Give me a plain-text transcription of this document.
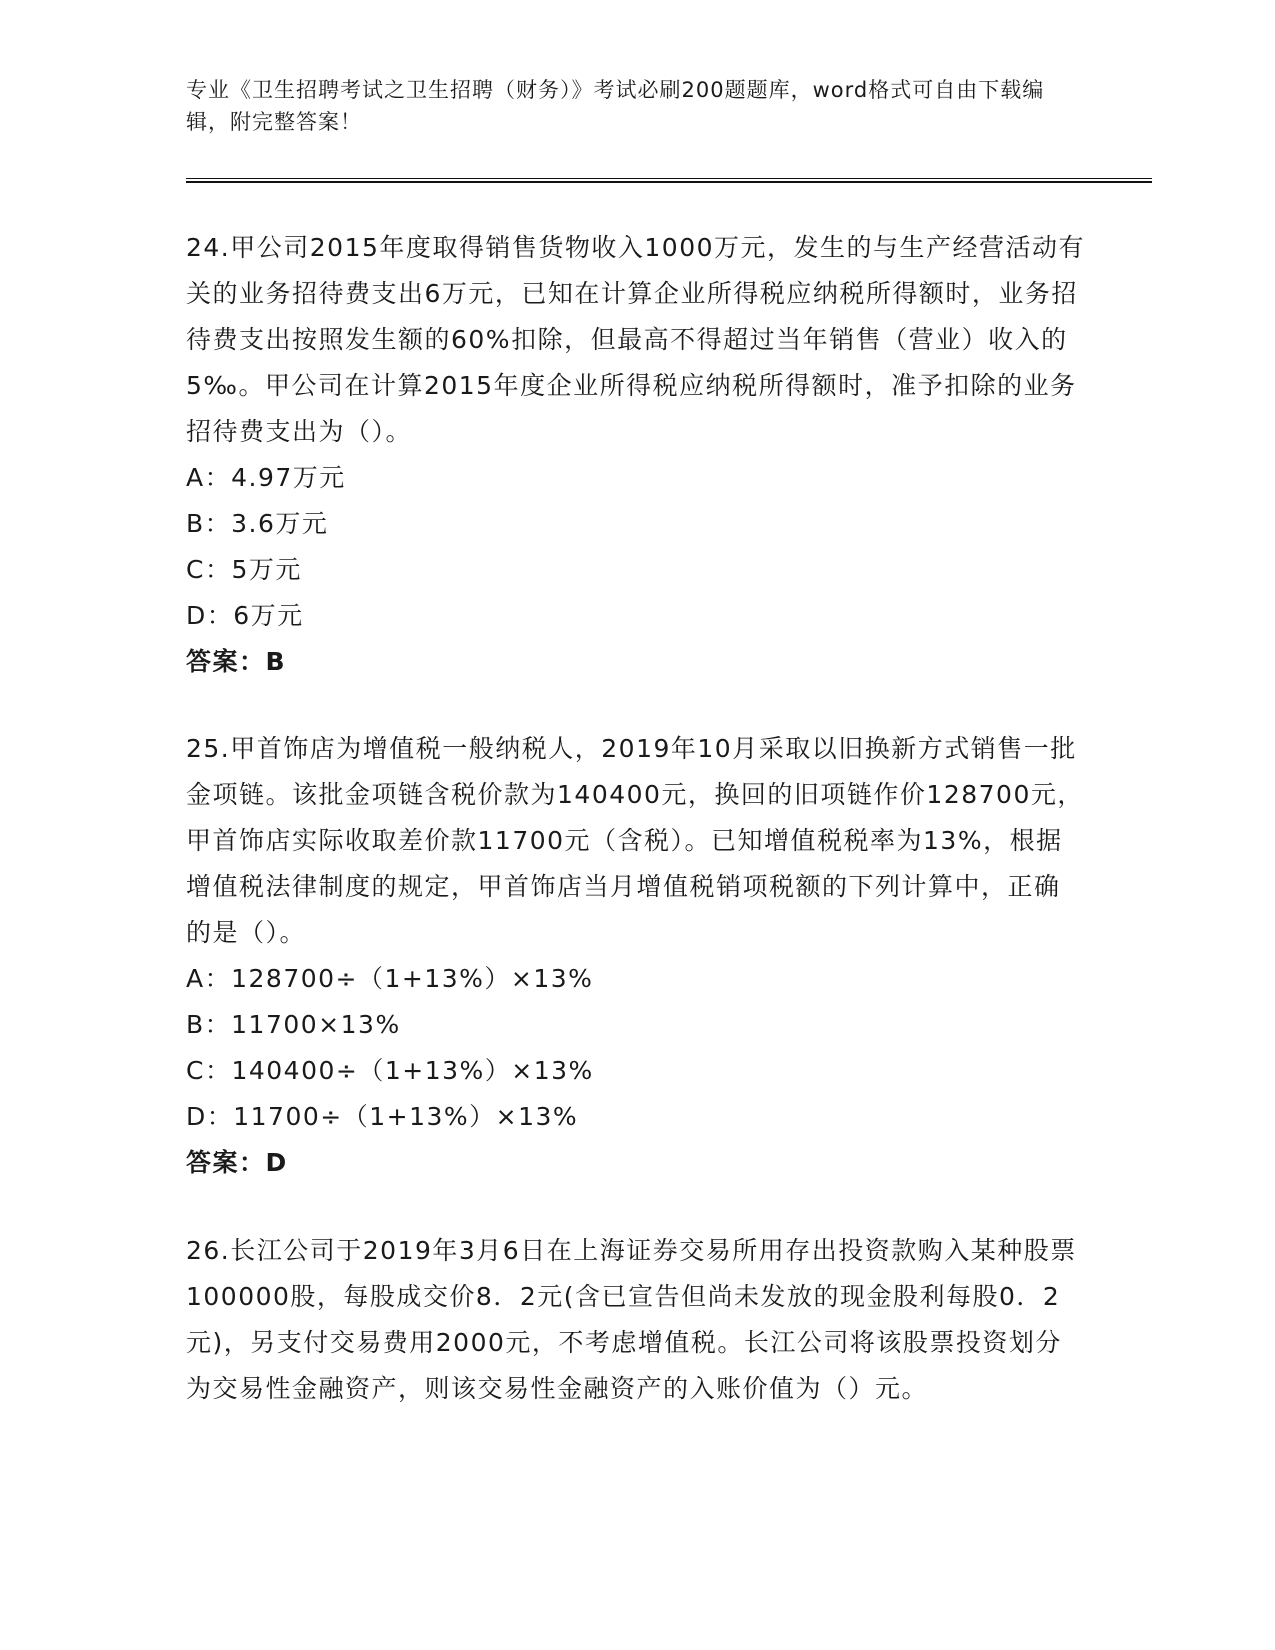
专业《卫生招聘考试之卫生招聘（财务）》考试必刷200题题库，word格式可自由下载编辑，附完整答案！

24.甲公司2015年度取得销售货物收入1000万元，发生的与生产经营活动有关的业务招待费支出6万元，已知在计算企业所得税应纳税所得额时，业务招待费支出按照发生额的60%扣除，但最高不得超过当年销售（营业）收入的5‰。甲公司在计算2015年度企业所得税应纳税所得额时，准予扣除的业务招待费支出为（）。

A：4.97万元

B：3.6万元

C：5万元

D：6万元

答案：B

25.甲首饰店为增值税一般纳税人，2019年10月采取以旧换新方式销售一批金项链。该批金项链含税价款为140400元，换回的旧项链作价128700元，甲首饰店实际收取差价款11700元（含税）。已知增值税税率为13%，根据增值税法律制度的规定，甲首饰店当月增值税销项税额的下列计算中，正确的是（）。

A：128700÷（1+13%）×13%

B：11700×13%

C：140400÷（1+13%）×13%

D：11700÷（1+13%）×13%

答案：D

26.长江公司于2019年3月6日在上海证券交易所用存出投资款购入某种股票100000股，每股成交价8．2元(含已宣告但尚未发放的现金股利每股0．2元)，另支付交易费用2000元，不考虑增值税。长江公司将该股票投资划分为交易性金融资产，则该交易性金融资产的入账价值为（）元。
